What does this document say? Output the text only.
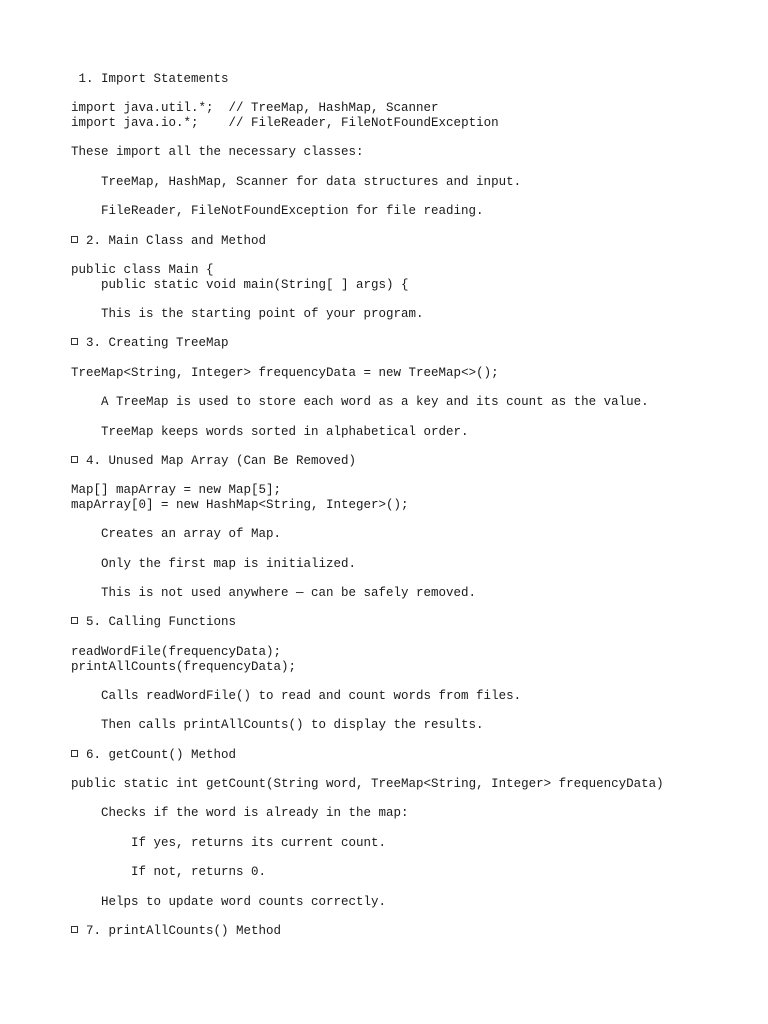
1. Import Statements
import java.util.*;  // TreeMap, HashMap, Scanner
import java.io.*;    // FileReader, FileNotFoundException
These import all the necessary classes:
TreeMap, HashMap, Scanner for data structures and input.
FileReader, FileNotFoundException for file reading.
2. Main Class and Method
public class Main {
public static void main(String[ ] args) {
This is the starting point of your program.
3. Creating TreeMap
TreeMap<String, Integer> frequencyData = new TreeMap<>();
A TreeMap is used to store each word as a key and its count as the value.
TreeMap keeps words sorted in alphabetical order.
4. Unused Map Array (Can Be Removed)
Map[] mapArray = new Map[5];
mapArray[0] = new HashMap<String, Integer>();
Creates an array of Map.
Only the first map is initialized.
This is not used anywhere — can be safely removed.
5. Calling Functions
readWordFile(frequencyData);
printAllCounts(frequencyData);
Calls readWordFile() to read and count words from files.
Then calls printAllCounts() to display the results.
6. getCount() Method
public static int getCount(String word, TreeMap<String, Integer> frequencyData)
Checks if the word is already in the map:
If yes, returns its current count.
If not, returns 0.
Helps to update word counts correctly.
7. printAllCounts() Method
